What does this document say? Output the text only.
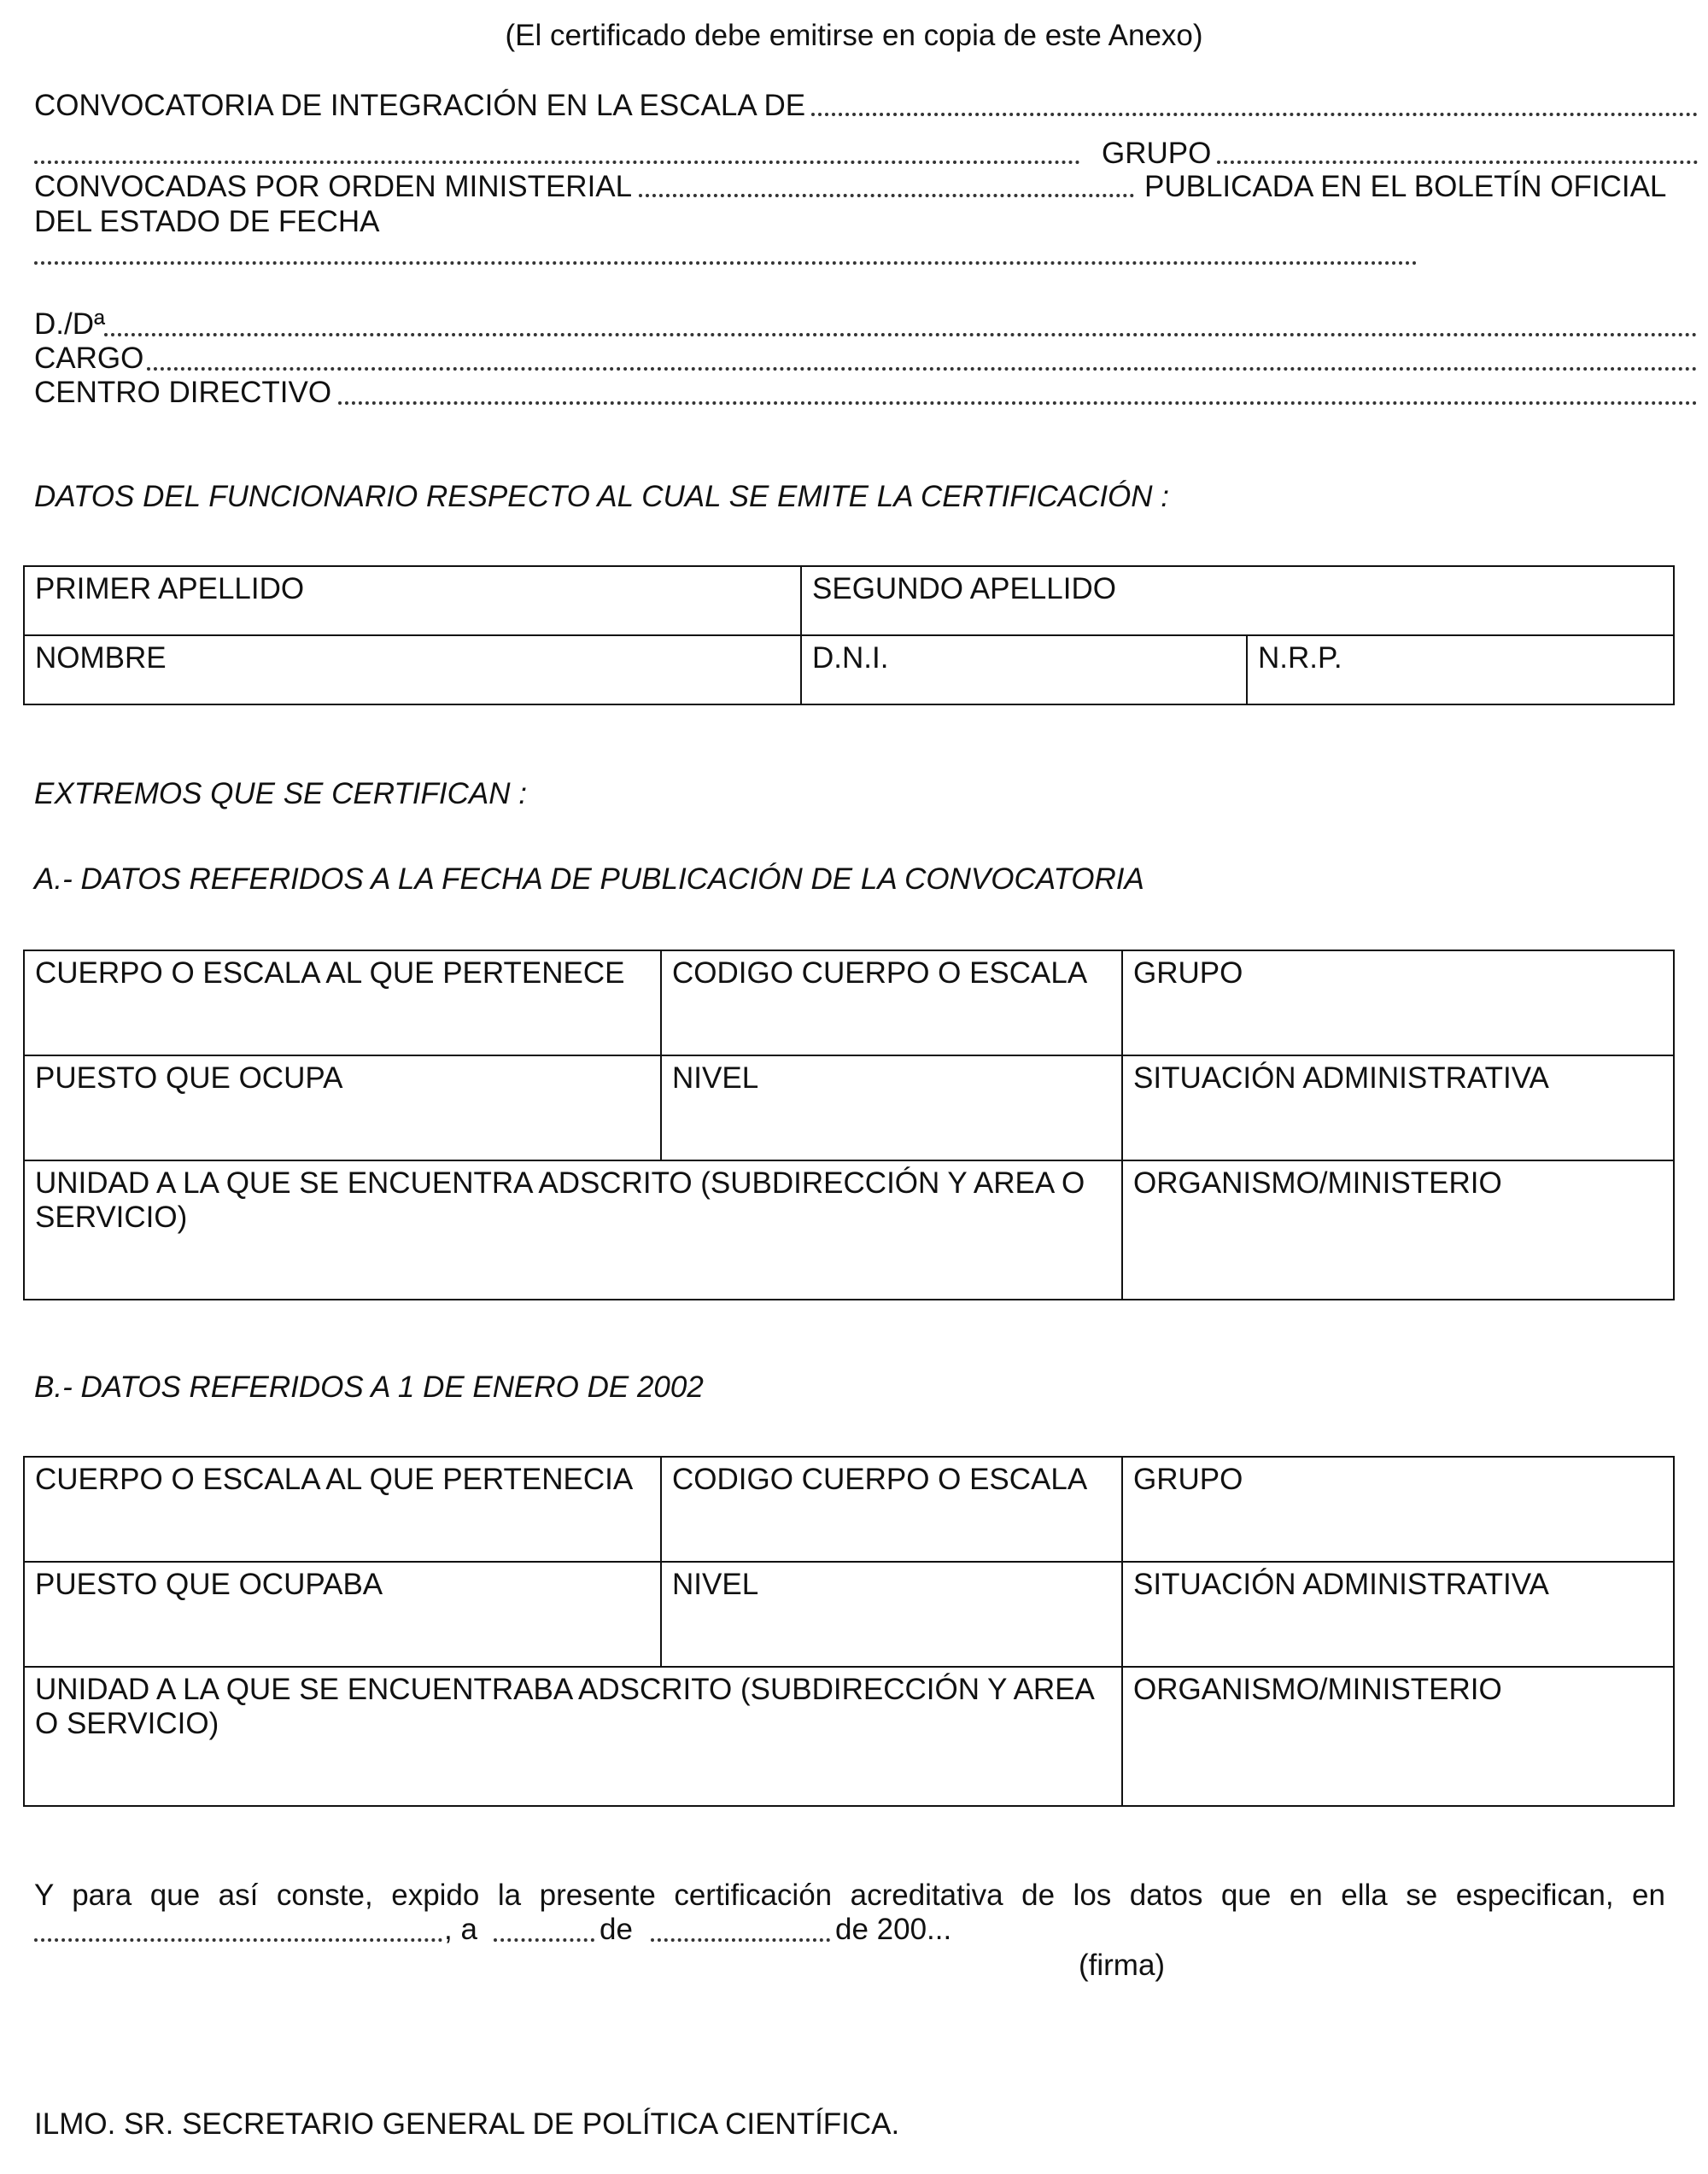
(El certificado debe emitirse en copia de este Anexo)
CONVOCATORIA DE INTEGRACIÓN EN LA ESCALA DE
GRUPO
CONVOCADAS POR ORDEN MINISTERIAL	PUBLICADA EN EL BOLETÍN OFICIAL
DEL ESTADO DE FECHA
D./Dª
CARGO
CENTRO DIRECTIVO
DATOS DEL FUNCIONARIO RESPECTO AL CUAL SE EMITE LA CERTIFICACIÓN :
PRIMER APELLIDO	SEGUNDO APELLIDO	
NOMBRE	D.N.I.	N.R.P.
EXTREMOS QUE SE CERTIFICAN :
A.- DATOS REFERIDOS A LA FECHA DE PUBLICACIÓN DE LA CONVOCATORIA
CUERPO O ESCALA AL QUE PERTENECE	CODIGO CUERPO O ESCALA	GRUPO
PUESTO QUE OCUPA	NIVEL	SITUACIÓN ADMINISTRATIVA
UNIDAD A LA QUE SE ENCUENTRA ADSCRITO (SUBDIRECCIÓN Y AREA O SERVICIO)		ORGANISMO/MINISTERIO
B.- DATOS REFERIDOS A 1 DE ENERO DE 2002
CUERPO O ESCALA AL QUE PERTENECIA	CODIGO CUERPO O ESCALA	GRUPO
PUESTO QUE OCUPABA	NIVEL	SITUACIÓN ADMINISTRATIVA
UNIDAD A LA QUE SE ENCUENTRABA ADSCRITO (SUBDIRECCIÓN Y AREA O SERVICIO)		ORGANISMO/MINISTERIO
Y para que así conste, expido la presente certificación acreditativa de los datos que en ella se especifican, en
, a	de	de 200...
(firma)
ILMO. SR. SECRETARIO GENERAL DE POLÍTICA CIENTÍFICA.
